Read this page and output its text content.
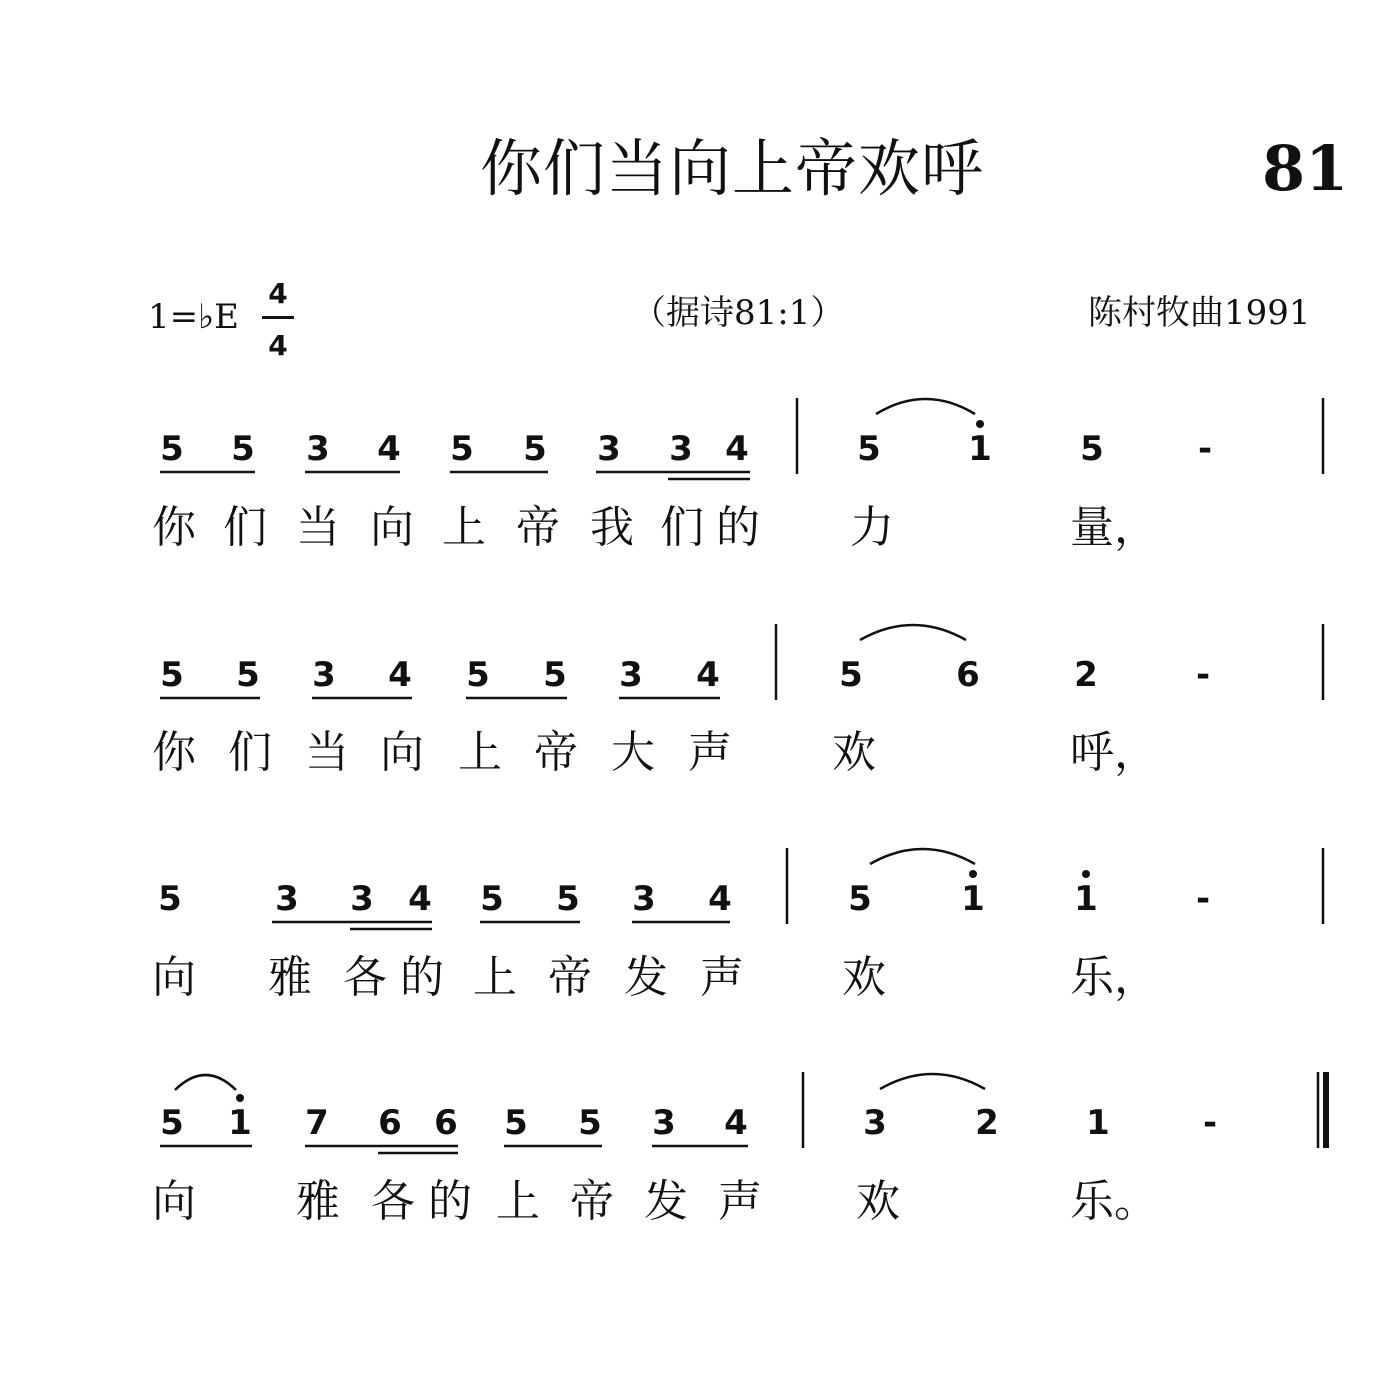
你们当向上帝欢呼	81
1=♭E
4
4
（据诗81:1）	陈村牧曲1991
5 5 3 4 5 5 3 3 4	5	1	5	-
你 们 当 向 上 帝 我 们 的 力	量，
5 5 3 4 5 5 3 4	5	6	2	-
你 们 当 向 上 帝 大 声 欢	呼，
5	3 3 4 5 5 3 4	5	1	1	-
向 雅 各 的 上 帝 发 声 欢	乐，
5 1 7 6 6 5 5 3 4	3	2	1	-
向 雅 各 的 上 帝 发 声 欢	乐。
